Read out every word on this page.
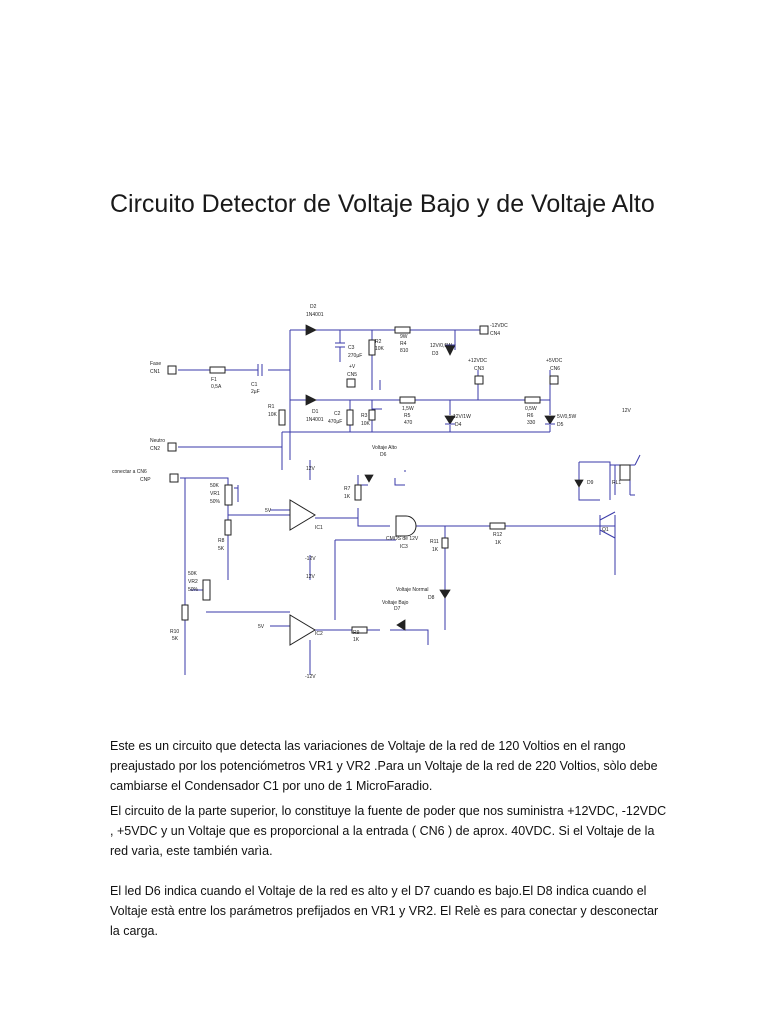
Circuito Detector de Voltaje Bajo y de Voltaje Alto
Fase
CN1
Neutro
CN2
F1
0,5A	C1
2µF
R1
10K
D2
1N4001
D1
1N4001
C2
470µF
C3
270µF
R3
10K
R2
10K
9W
R4
810
+V
CN5
12V/0,5W
D3
-12VDC
CN4
+12VDC
CN3
+5VDC
CN6
1,5W
R5
470
12V/1W
D4
0,5W
R6
330
5V/0,5W
D5
12V
Voltaje Alto
D6
conectar a CN6
CNP
50K
VR1
50%
R8
5K
50K
VR2
50%
R10
5K
12V
5V
IC1
-12V
12V
5V
IC2
-12V
R7
1K
CMOS de 12V
IC3
R11
1K
R12
1K
Q1
D9	RL1
Voltaje Normal
D8
Voltaje Bajo
D7
R9
1K

Este es un circuito que detecta las variaciones de Voltaje de la red de 120 Voltios en el rango preajustado por los potenciómetros VR1 y VR2 .Para un Voltaje de la red de 220 Voltios, sòlo debe cambiarse el Condensador C1 por uno de 1 MicroFaradio.

El circuito de la parte superior, lo constituye la fuente de poder que nos suministra +12VDC, -12VDC , +5VDC y un Voltaje que es proporcional a la entrada ( CN6 ) de aprox. 40VDC. Si el Voltaje de la red varìa, este también varìa.

El led D6 indica cuando el Voltaje de la red es alto y el D7 cuando es bajo.El D8 indica cuando el Voltaje està entre los parámetros prefijados en VR1 y VR2. El Relè es para conectar y desconectar la carga.
